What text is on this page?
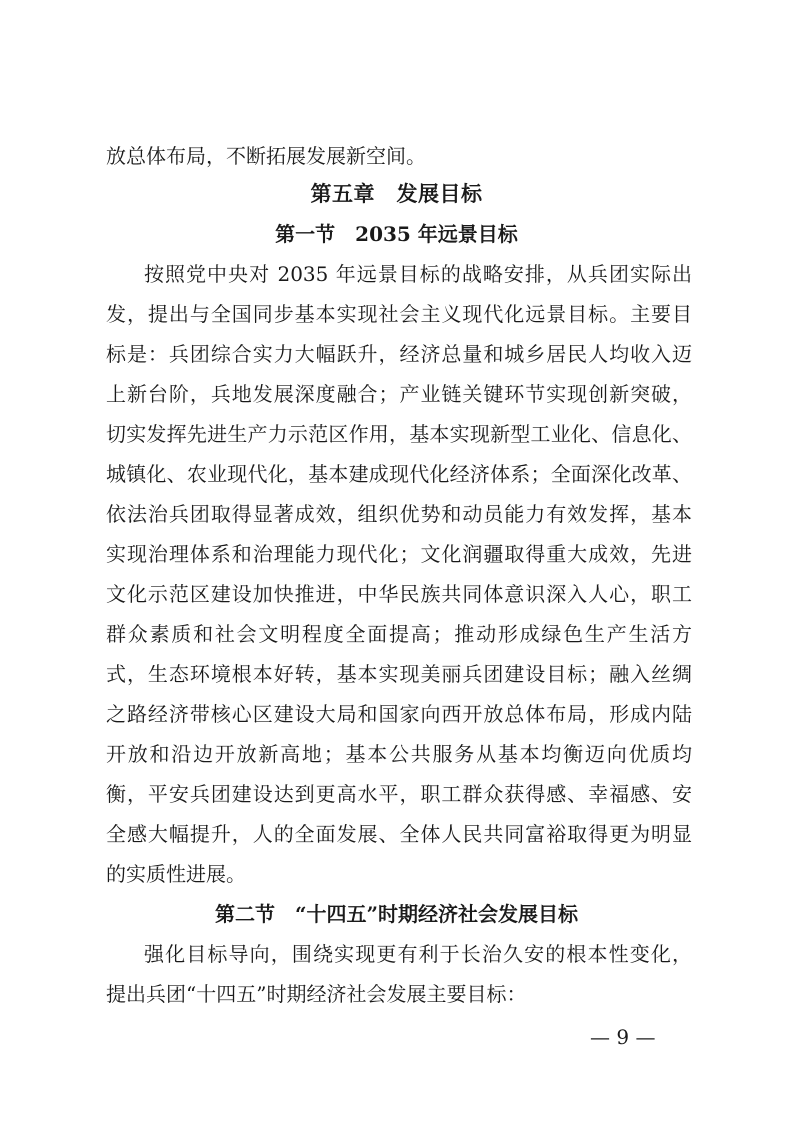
放总体布局，不断拓展发展新空间。
第五章　发展目标
第一节　2035 年远景目标
按照党中央对 2035 年远景目标的战略安排，从兵团实际出
发，提出与全国同步基本实现社会主义现代化远景目标。主要目
标是：兵团综合实力大幅跃升，经济总量和城乡居民人均收入迈
上新台阶，兵地发展深度融合；产业链关键环节实现创新突破，
切实发挥先进生产力示范区作用，基本实现新型工业化、信息化、
城镇化、农业现代化，基本建成现代化经济体系；全面深化改革、
依法治兵团取得显著成效，组织优势和动员能力有效发挥，基本
实现治理体系和治理能力现代化；文化润疆取得重大成效，先进
文化示范区建设加快推进，中华民族共同体意识深入人心，职工
群众素质和社会文明程度全面提高；推动形成绿色生产生活方
式，生态环境根本好转，基本实现美丽兵团建设目标；融入丝绸
之路经济带核心区建设大局和国家向西开放总体布局，形成内陆
开放和沿边开放新高地；基本公共服务从基本均衡迈向优质均
衡，平安兵团建设达到更高水平，职工群众获得感、幸福感、安
全感大幅提升，人的全面发展、全体人民共同富裕取得更为明显
的实质性进展。
第二节　“十四五”时期经济社会发展目标
强化目标导向，围绕实现更有利于长治久安的根本性变化，
提出兵团“十四五”时期经济社会发展主要目标：
— 9 —
